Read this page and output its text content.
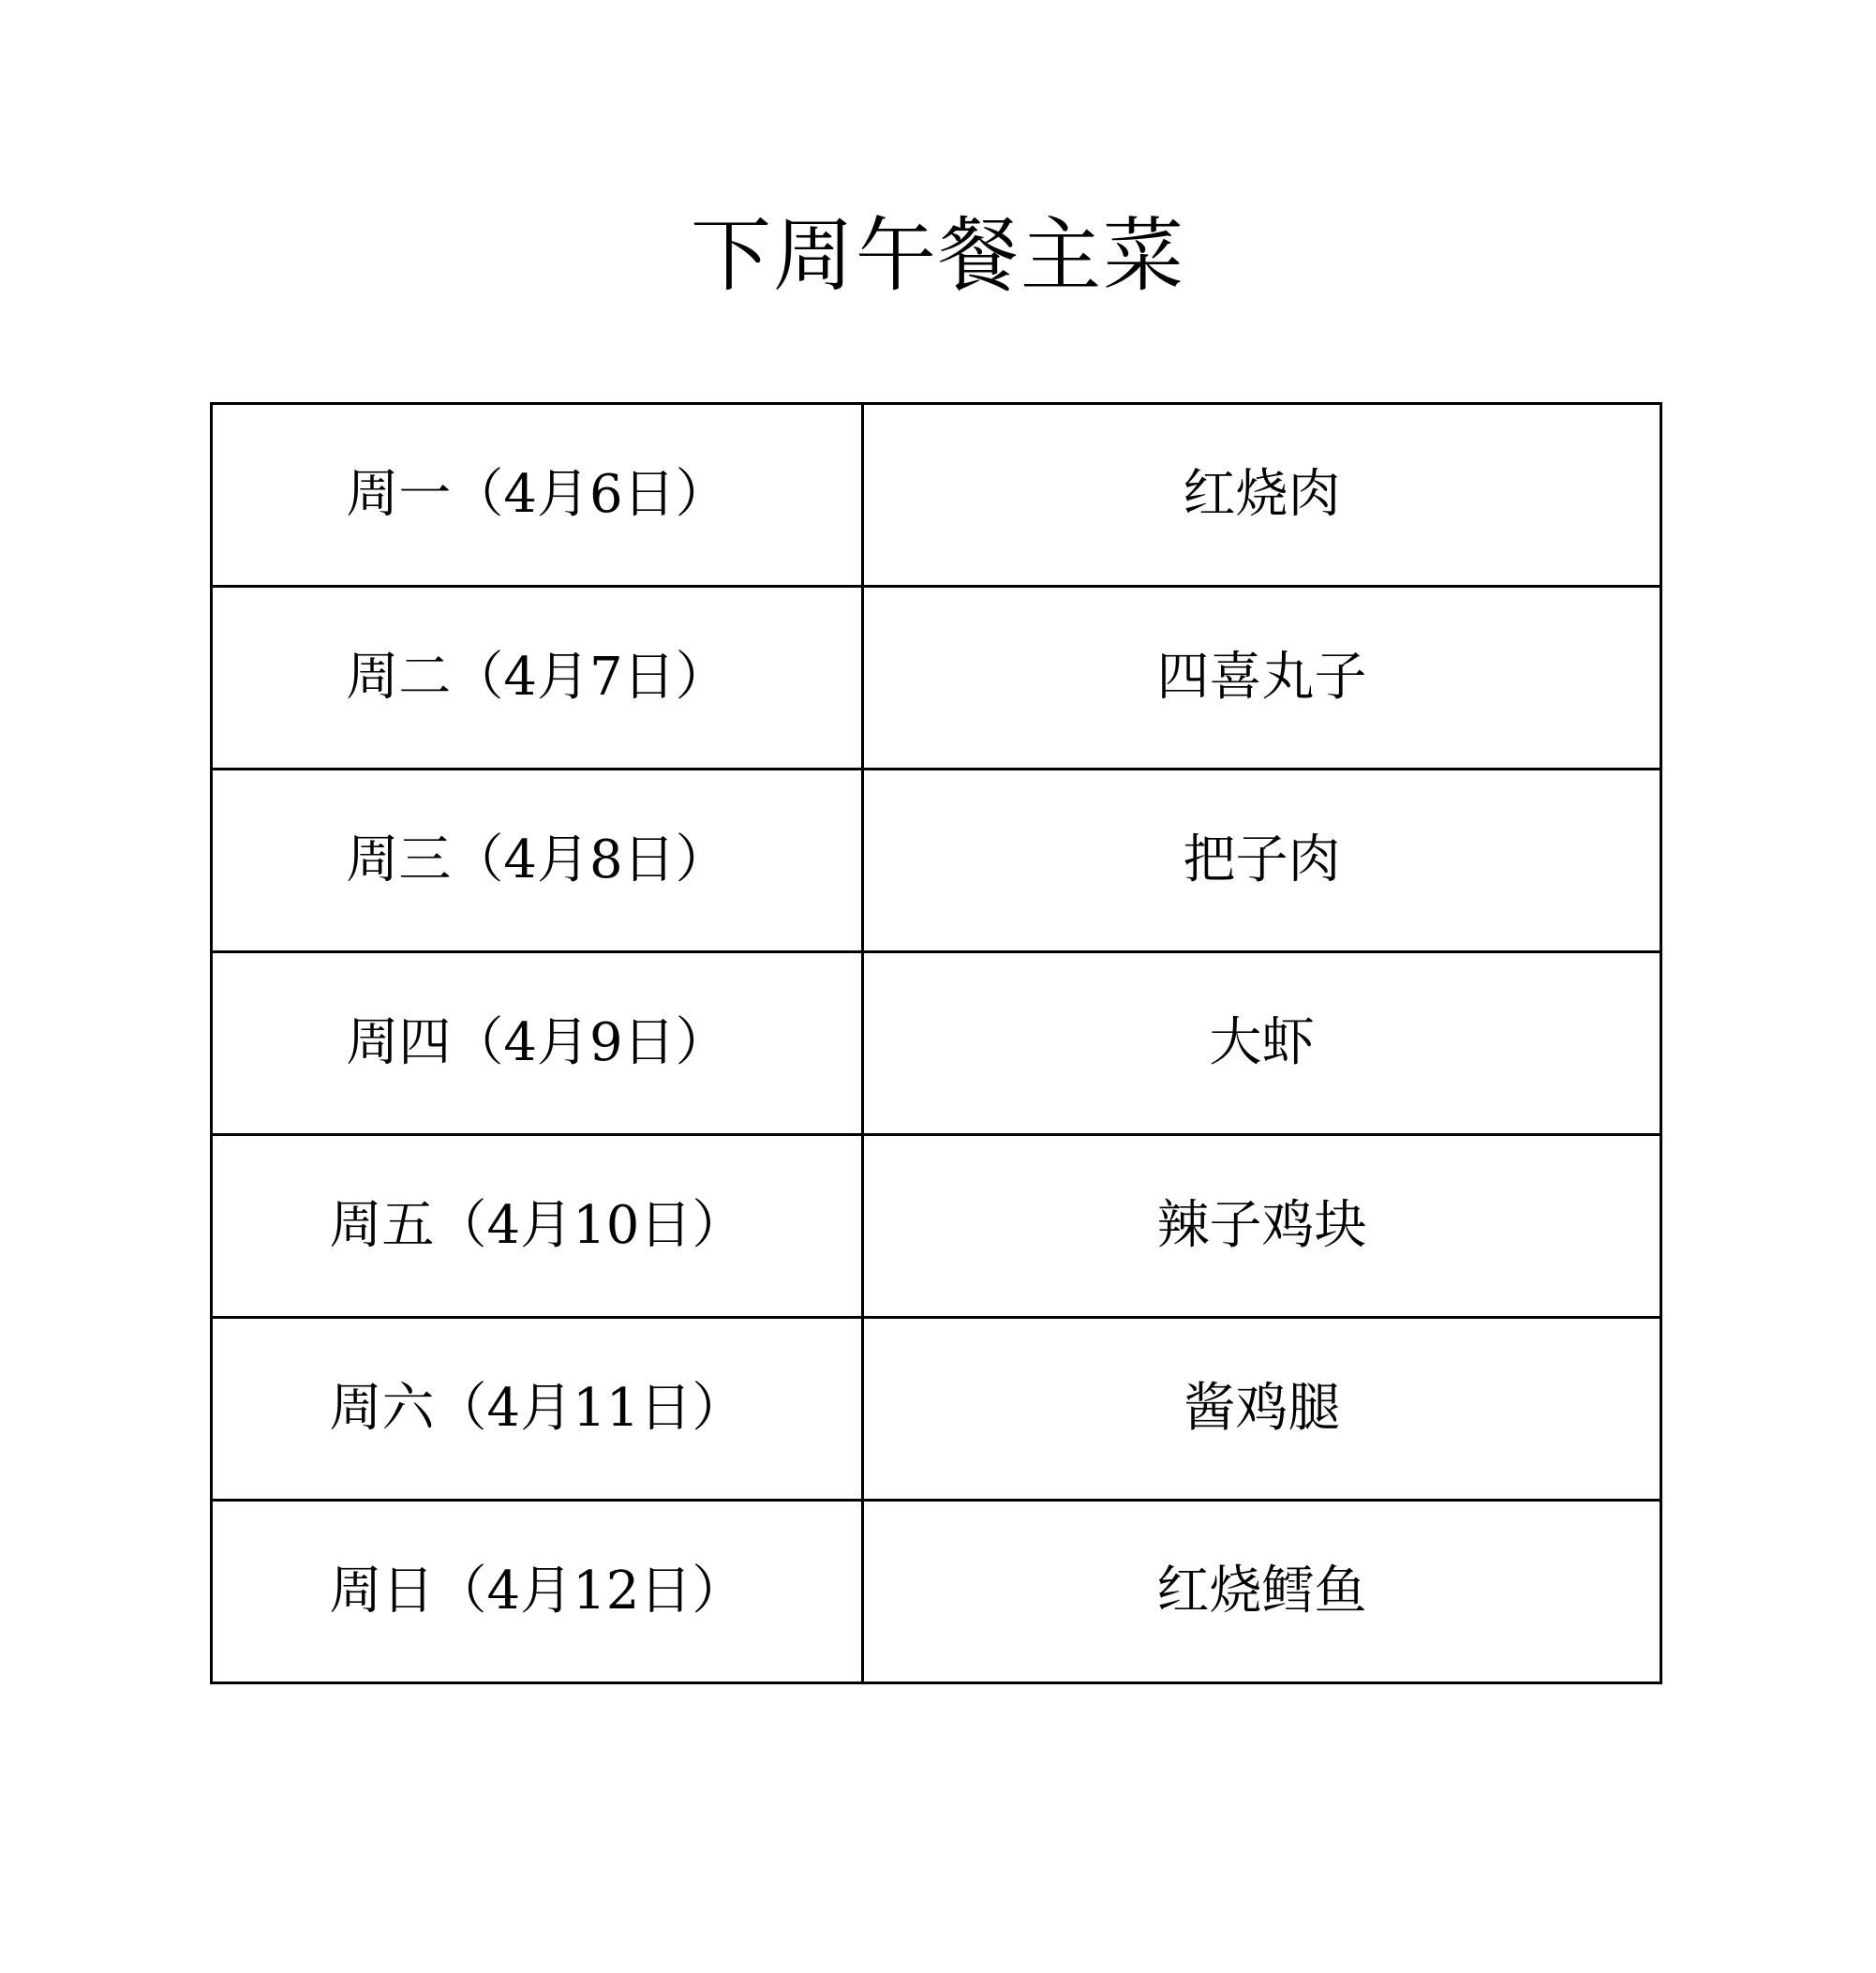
下周午餐主菜
周一（4月6日）	红烧肉
周二（4月7日）	四喜丸子
周三（4月8日）	把子肉
周四（4月9日）	大虾
周五（4月10日）	辣子鸡块
周六（4月11日）	酱鸡腿
周日（4月12日）	红烧鳕鱼
